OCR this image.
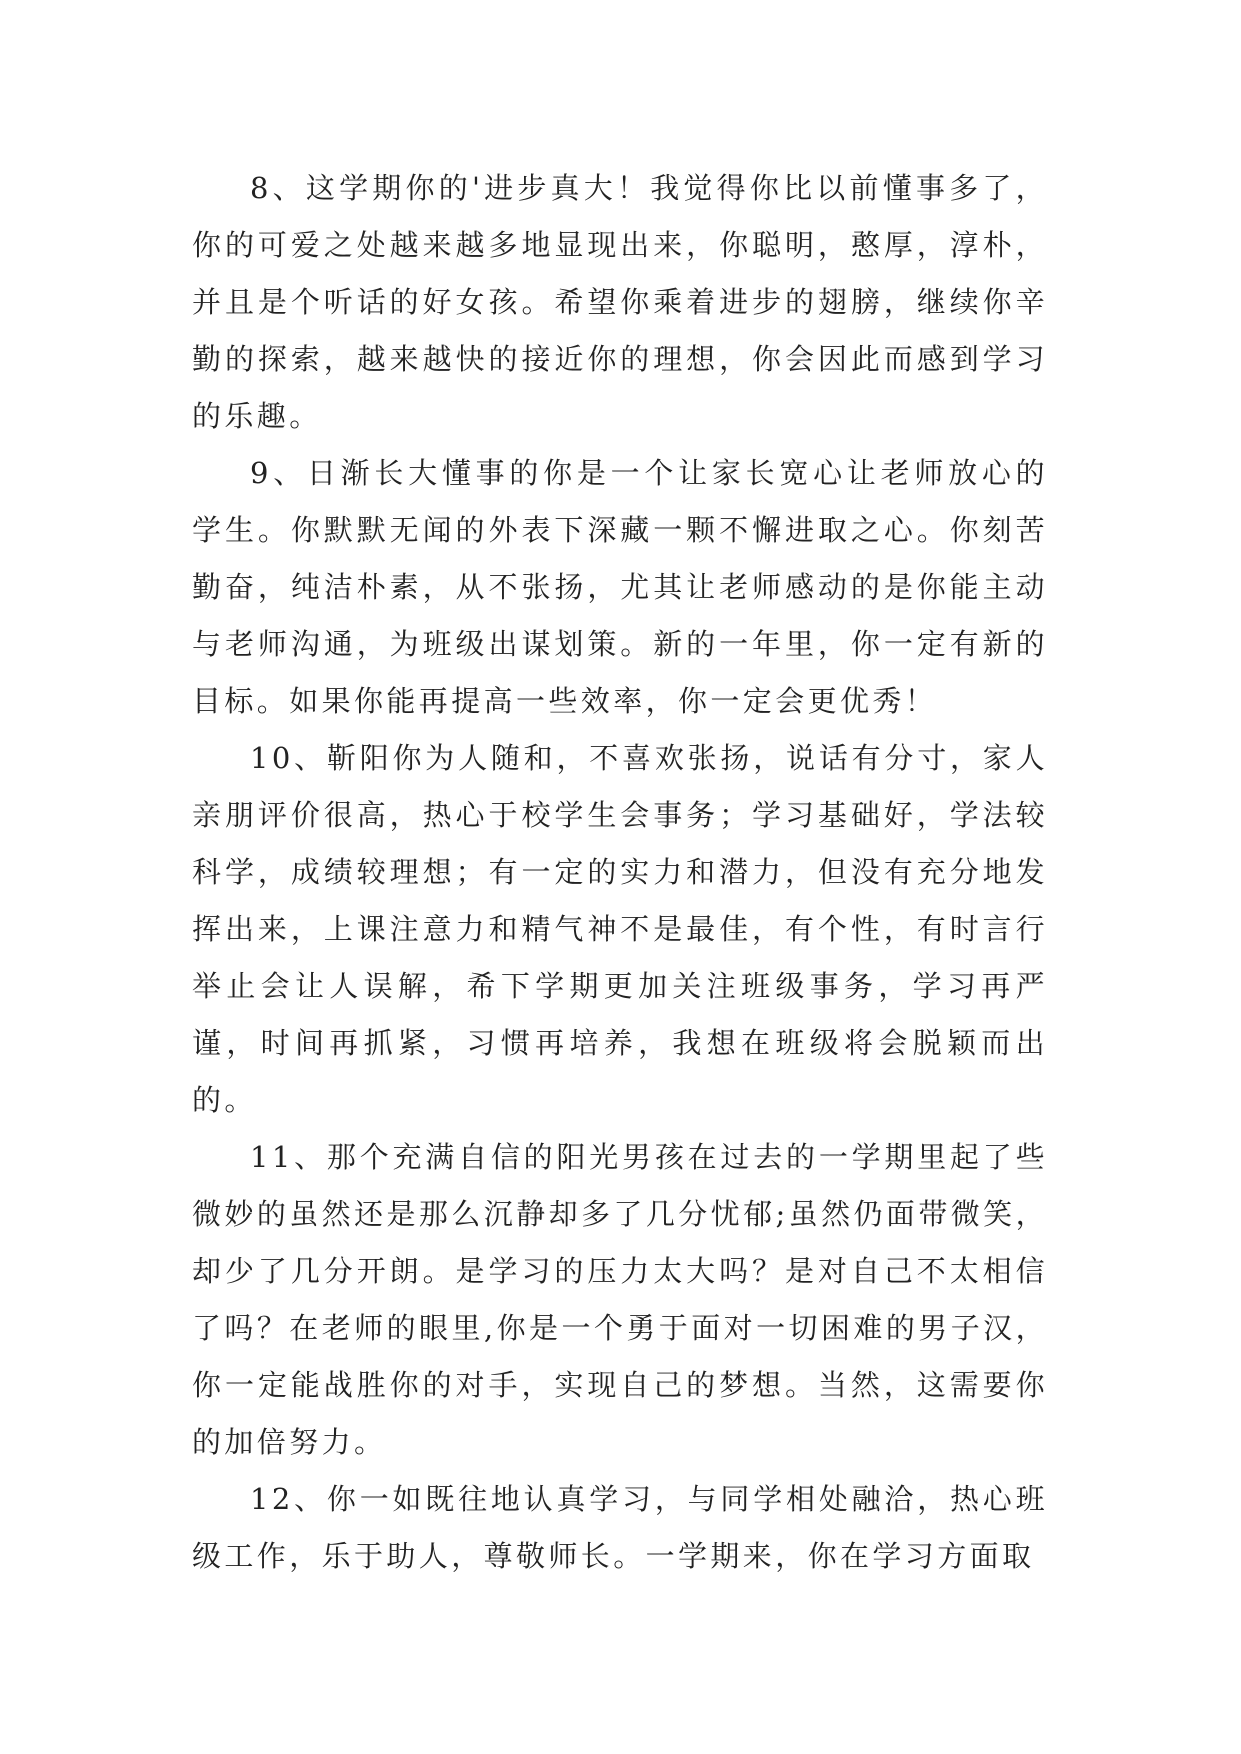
8、这学期你的'进步真大！我觉得你比以前懂事多了，你的可爱之处越来越多地显现出来，你聪明，憨厚，淳朴，并且是个听话的好女孩。希望你乘着进步的翅膀，继续你辛勤的探索，越来越快的接近你的理想，你会因此而感到学习的乐趣。

9、日渐长大懂事的你是一个让家长宽心让老师放心的学生。你默默无闻的外表下深藏一颗不懈进取之心。你刻苦勤奋，纯洁朴素，从不张扬，尤其让老师感动的是你能主动与老师沟通，为班级出谋划策。新的一年里，你一定有新的目标。如果你能再提高一些效率，你一定会更优秀！

10、靳阳你为人随和，不喜欢张扬，说话有分寸，家人亲朋评价很高，热心于校学生会事务；学习基础好，学法较科学，成绩较理想；有一定的实力和潜力，但没有充分地发挥出来，上课注意力和精气神不是最佳，有个性，有时言行举止会让人误解，希下学期更加关注班级事务，学习再严谨，时间再抓紧，习惯再培养，我想在班级将会脱颖而出的。

11、那个充满自信的阳光男孩在过去的一学期里起了些微妙的虽然还是那么沉静却多了几分忧郁;虽然仍面带微笑，却少了几分开朗。是学习的压力太大吗？是对自己不太相信了吗？在老师的眼里,你是一个勇于面对一切困难的男子汉，你一定能战胜你的对手，实现自己的梦想。当然，这需要你的加倍努力。

12、你一如既往地认真学习，与同学相处融洽，热心班级工作，乐于助人，尊敬师长。一学期来，你在学习方面取
